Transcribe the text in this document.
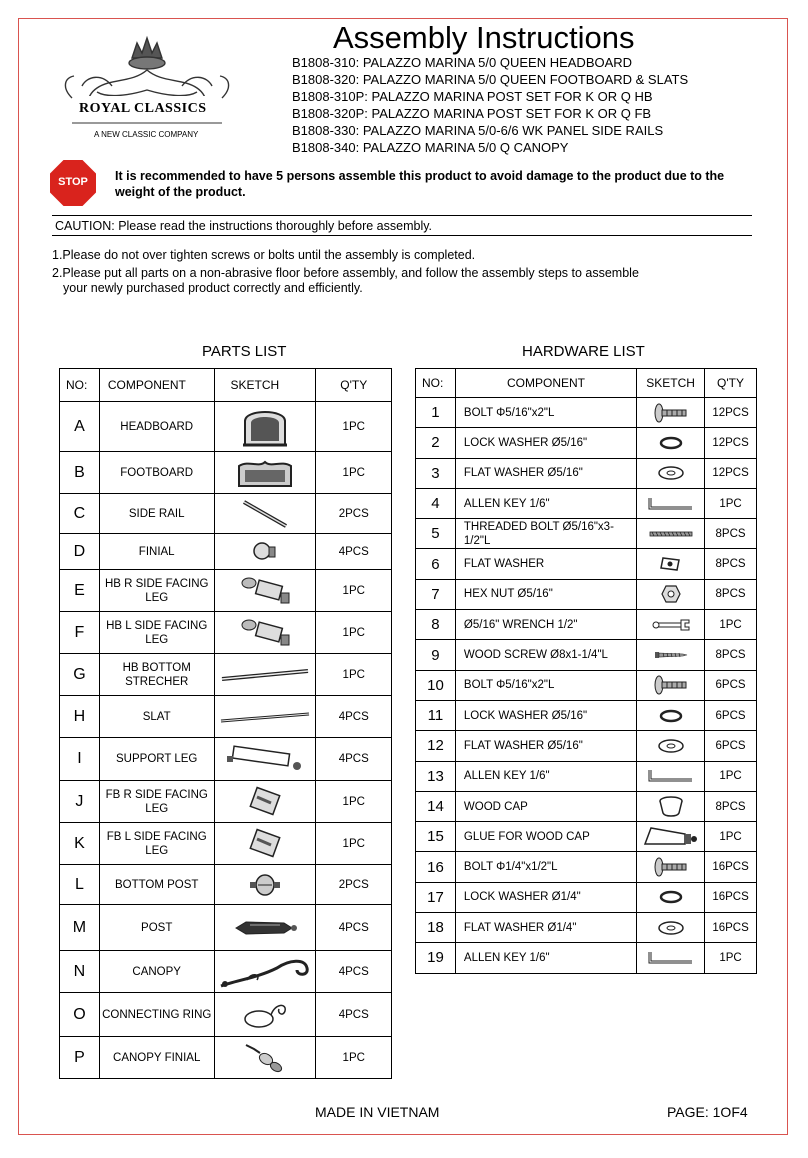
ROYAL CLASSICS
A NEW CLASSIC COMPANY
Assembly Instructions
B1808-310: PALAZZO MARINA 5/0 QUEEN HEADBOARD
B1808-320: PALAZZO MARINA 5/0 QUEEN FOOTBOARD & SLATS
B1808-310P: PALAZZO MARINA POST SET FOR K OR Q HB
B1808-320P: PALAZZO MARINA POST SET FOR K OR Q FB
B1808-330: PALAZZO MARINA 5/0-6/6 WK PANEL SIDE RAILS
B1808-340: PALAZZO MARINA 5/0 Q CANOPY
STOP	It is recommended to have 5 persons assemble this product to avoid damage to the product due to the weight of the product.
CAUTION: Please read the instructions thoroughly before assembly.
1.Please do not over tighten screws or bolts until the assembly is completed.
2.Please put all parts on a non-abrasive floor before assembly, and follow the assembly steps to assemble
your newly purchased product correctly and efficiently.
PARTS LIST	HARDWARE LIST
NO:	COMPONENT	SKETCH	Q'TY
A	HEADBOARD		1PC
B	FOOTBOARD		1PC
C	SIDE RAIL		2PCS
D	FINIAL		4PCS
E	HB R SIDE FACING LEG		1PC
F	HB L SIDE FACING LEG		1PC
G	HB BOTTOM STRECHER		1PC
H	SLAT		4PCS
I	SUPPORT LEG		4PCS
J	FB R SIDE FACING LEG		1PC
K	FB L SIDE FACING LEG		1PC
L	BOTTOM POST		2PCS
M	POST		4PCS
N	CANOPY		4PCS
O	CONNECTING RING		4PCS
P	CANOPY FINIAL		1PC
NO:	COMPONENT	SKETCH	Q'TY
1	BOLT Φ5/16"x2"L		12PCS
2	LOCK WASHER Ø5/16"		12PCS
3	FLAT WASHER Ø5/16"		12PCS
4	ALLEN KEY 1/6"		1PC
5	THREADED BOLT Ø5/16"x3-1/2"L		8PCS
6	FLAT WASHER		8PCS
7	HEX NUT Ø5/16"		8PCS
8	Ø5/16" WRENCH 1/2"		1PC
9	WOOD SCREW Ø8x1-1/4"L		8PCS
10	BOLT Φ5/16"x2"L		6PCS
11	LOCK WASHER Ø5/16"		6PCS
12	FLAT WASHER Ø5/16"		6PCS
13	ALLEN KEY 1/6"		1PC
14	WOOD CAP		8PCS
15	GLUE FOR WOOD CAP		1PC
16	BOLT Φ1/4"x1/2"L		16PCS
17	LOCK WASHER Ø1/4"		16PCS
18	FLAT WASHER Ø1/4"		16PCS
19	ALLEN KEY 1/6"		1PC
MADE IN VIETNAM	PAGE: 1OF4
